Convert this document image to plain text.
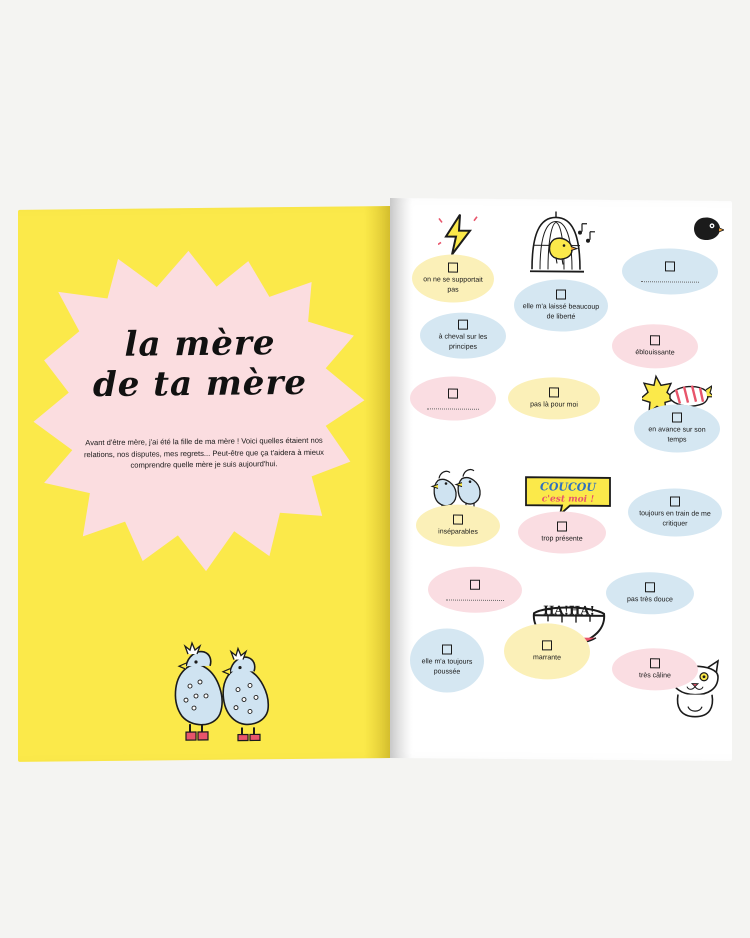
la mère
de ta mère
Avant d'être mère, j'ai été la fille de ma mère ! Voici quelles étaient nos relations, nos disputes, mes regrets... Peut-être que ça t'aidera à mieux comprendre quelle mère je suis aujourd'hui.
COUCOU
c'est moi !
HA!HA!
on ne se supportait pas
elle m'a laissé beaucoup de liberté
à cheval sur les principes
éblouissante
pas là pour moi
en avance sur son temps
inséparables
trop présente
toujours en train de me critiquer
pas très douce
elle m'a toujours poussée
marrante
très câline
